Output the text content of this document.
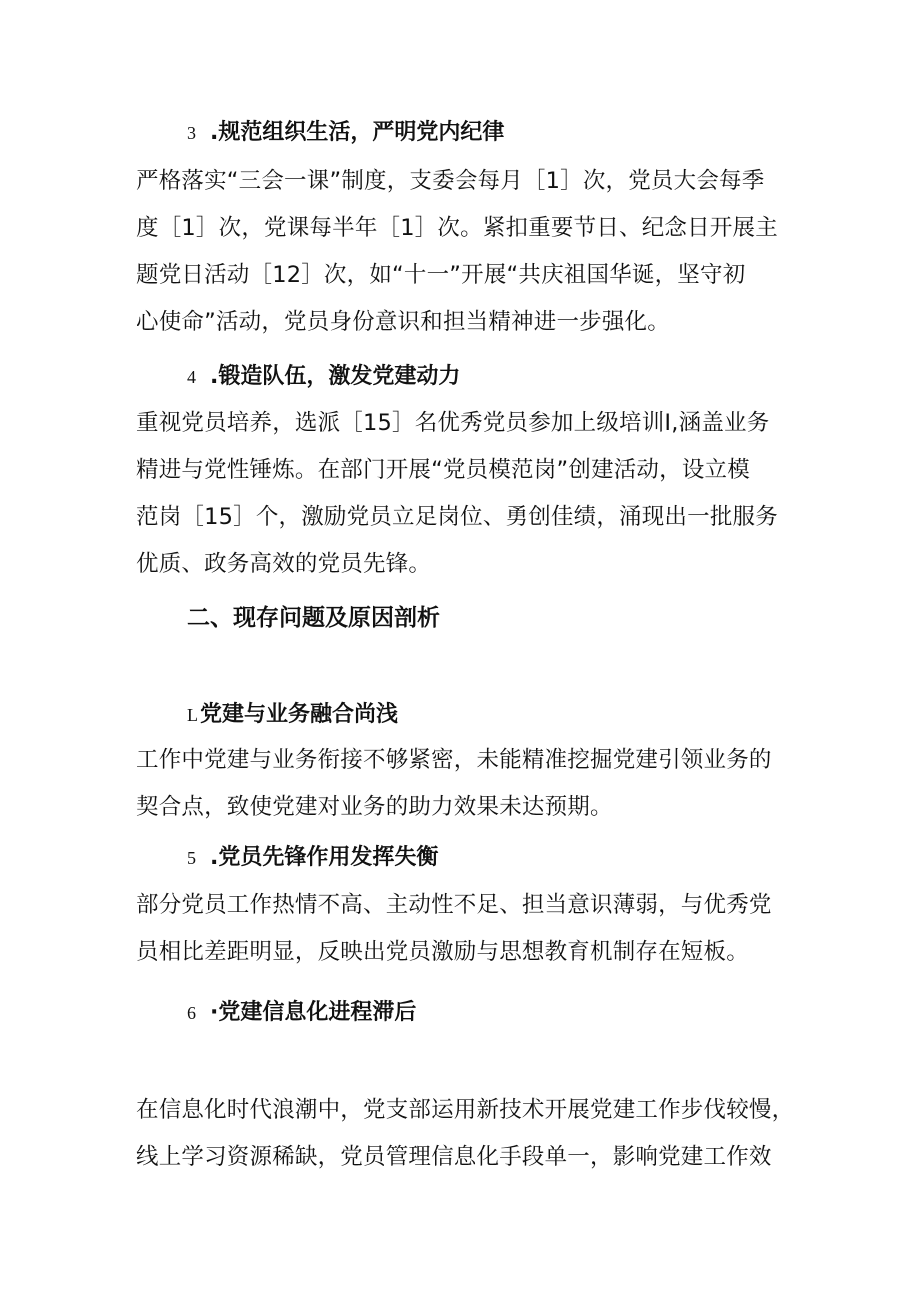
3 .规范组织生活，严明党内纪律

严格落实“三会一课”制度，支委会每月［1］次，党员大会每季
度［1］次，党课每半年［1］次。紧扣重要节日、纪念日开展主
题党日活动［12］次，如“十一”开展“共庆祖国华诞，坚守初
心使命”活动，党员身份意识和担当精神进一步强化。

4 .锻造队伍，激发党建动力

重视党员培养，选派［15］名优秀党员参加上级培训I,涵盖业务
精进与党性锤炼。在部门开展“党员模范岗”创建活动，设立模
范岗［15］个，激励党员立足岗位、勇创佳绩，涌现出一批服务
优质、政务高效的党员先锋。

二、现存问题及原因剖析
L党建与业务融合尚浅

工作中党建与业务衔接不够紧密，未能精准挖掘党建引领业务的
契合点，致使党建对业务的助力效果未达预期。

5 .党员先锋作用发挥失衡

部分党员工作热情不高、主动性不足、担当意识薄弱，与优秀党
员相比差距明显，反映出党员激励与思想教育机制存在短板。

6 ·党建信息化进程滞后

在信息化时代浪潮中，党支部运用新技术开展党建工作步伐较慢，
线上学习资源稀缺，党员管理信息化手段单一，影响党建工作效
